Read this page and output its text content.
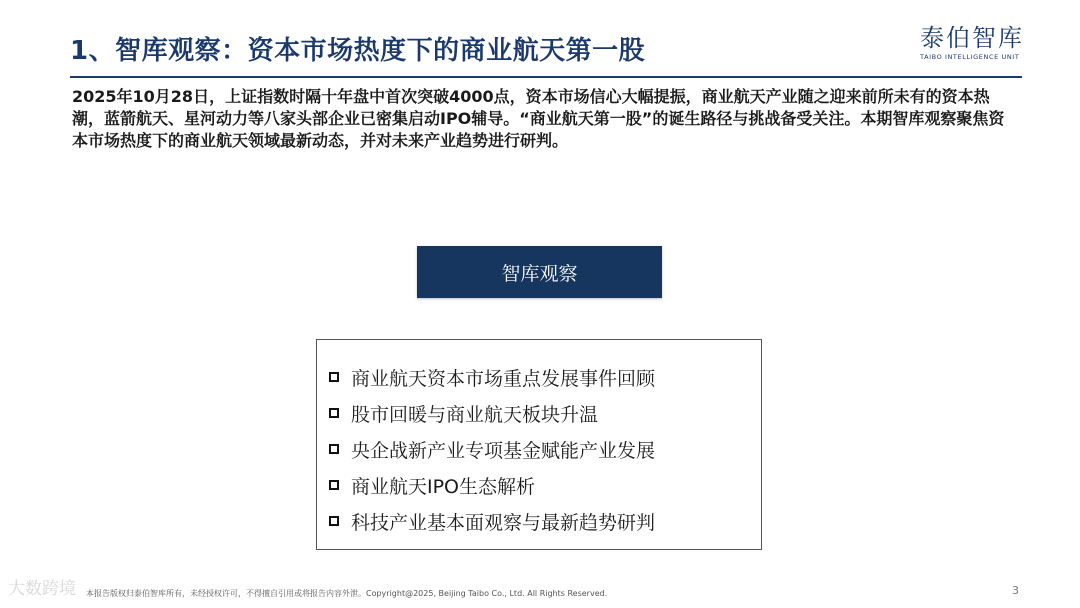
1、智库观察：资本市场热度下的商业航天第一股	泰伯智库
TAIBO INTELLIGENCE UNIT
2025年10月28日，上证指数时隔十年盘中首次突破4000点，资本市场信心大幅提振，商业航天产业随之迎来前所未有的资本热潮，蓝箭航天、星河动力等八家头部企业已密集启动IPO辅导。“商业航天第一股”的诞生路径与挑战备受关注。本期智库观察聚焦资本市场热度下的商业航天领域最新动态，并对未来产业趋势进行研判。
智库观察
商业航天资本市场重点发展事件回顾
股市回暖与商业航天板块升温
央企战新产业专项基金赋能产业发展
商业航天IPO生态解析
科技产业基本面观察与最新趋势研判
大数跨境 本报告版权归泰伯智库所有，未经授权许可，不得擅自引用或将报告内容外泄。Copyright@2025, Beijing Taibo Co., Ltd. All Rights Reserved.	3
